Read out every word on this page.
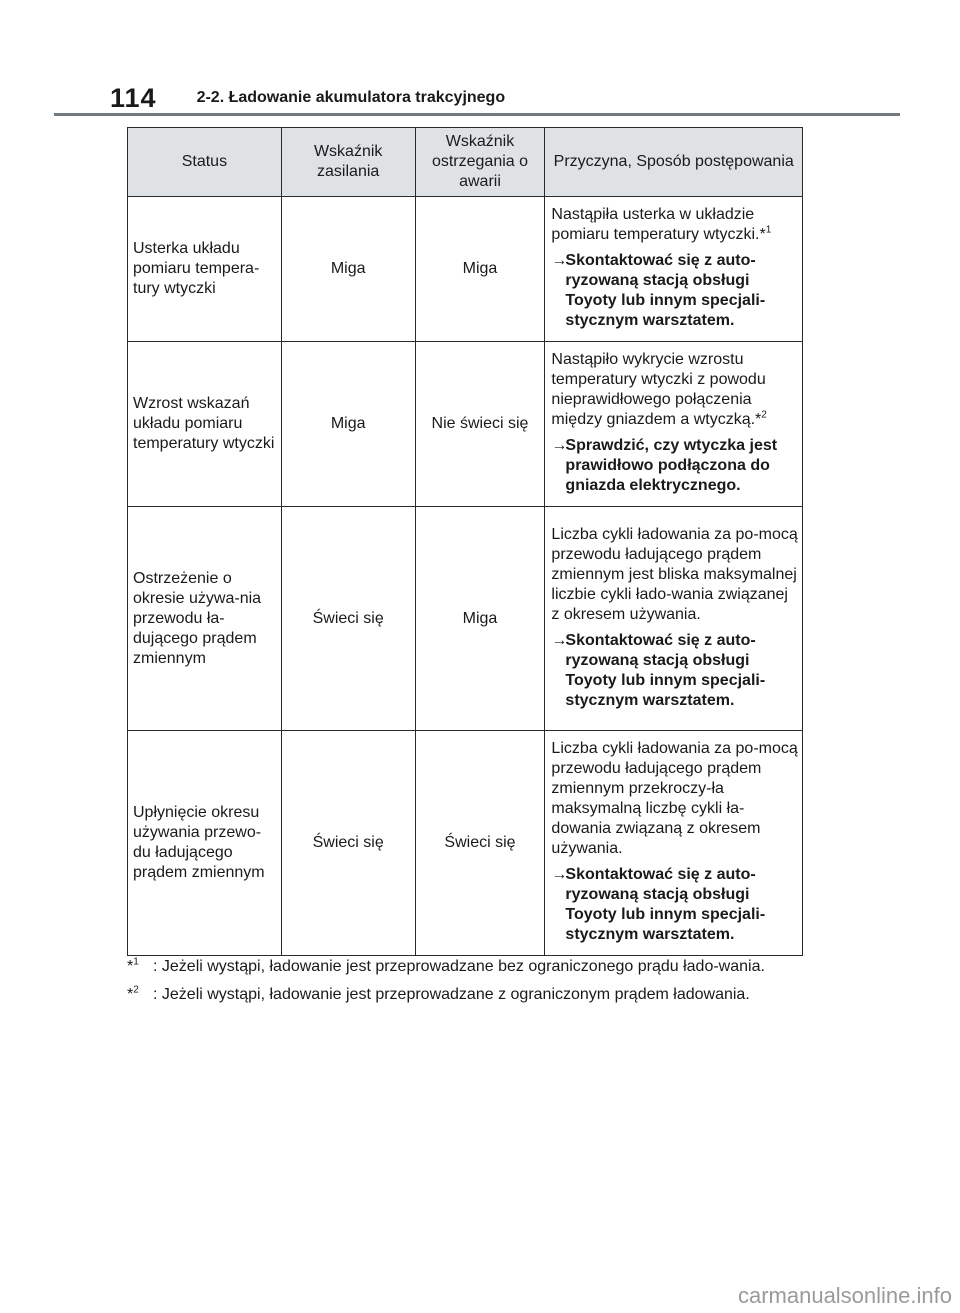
114	2-2. Ładowanie akumulatora trakcyjnego
Status	Wskaźnik zasilania	Wskaźnik ostrzegania o awarii	Przyczyna, Sposób postępowania
Usterka układu pomiaru tempera-tury wtyczki	Miga	Miga	Nastąpiła usterka w układzie pomiaru temperatury wtyczki.*$^1$

→
Skontaktować się z auto-ryzowaną stacją obsługi Toyoty lub innym specjali-stycznym warsztatem.

Wzrost wskazań układu pomiaru temperatury wtyczki	Miga	Nie świeci się	Nastąpiło wykrycie wzrostu temperatury wtyczki z powodu nieprawidłowego połączenia między gniazdem a wtyczką.*$^2$

→
Sprawdzić, czy wtyczka jest prawidłowo podłączona do gniazda elektrycznego.

Ostrzeżenie o okresie używa-nia przewodu ła-dującego prądem zmiennym	Świeci się	Miga	Liczba cykli ładowania za po-mocą przewodu ładującego prądem zmiennym jest bliska maksymalnej liczbie cykli łado-wania związanej z okresem używania.

→
Skontaktować się z auto-ryzowaną stacją obsługi Toyoty lub innym specjali-stycznym warsztatem.

Upłynięcie okresu używania przewo-du ładującego prądem zmiennym	Świeci się	Świeci się	Liczba cykli ładowania za po-mocą przewodu ładującego prądem zmiennym przekroczy-ła maksymalną liczbę cykli ła-dowania związaną z okresem używania.

→
Skontaktować się z auto-ryzowaną stacją obsługi Toyoty lub innym specjali-stycznym warsztatem.
*$^1$ : Jeżeli wystąpi, ładowanie jest przeprowadzane bez ograniczonego prądu łado-wania.
*$^2$ : Jeżeli wystąpi, ładowanie jest przeprowadzane z ograniczonym prądem ładowania.
carmanualsonline.info
